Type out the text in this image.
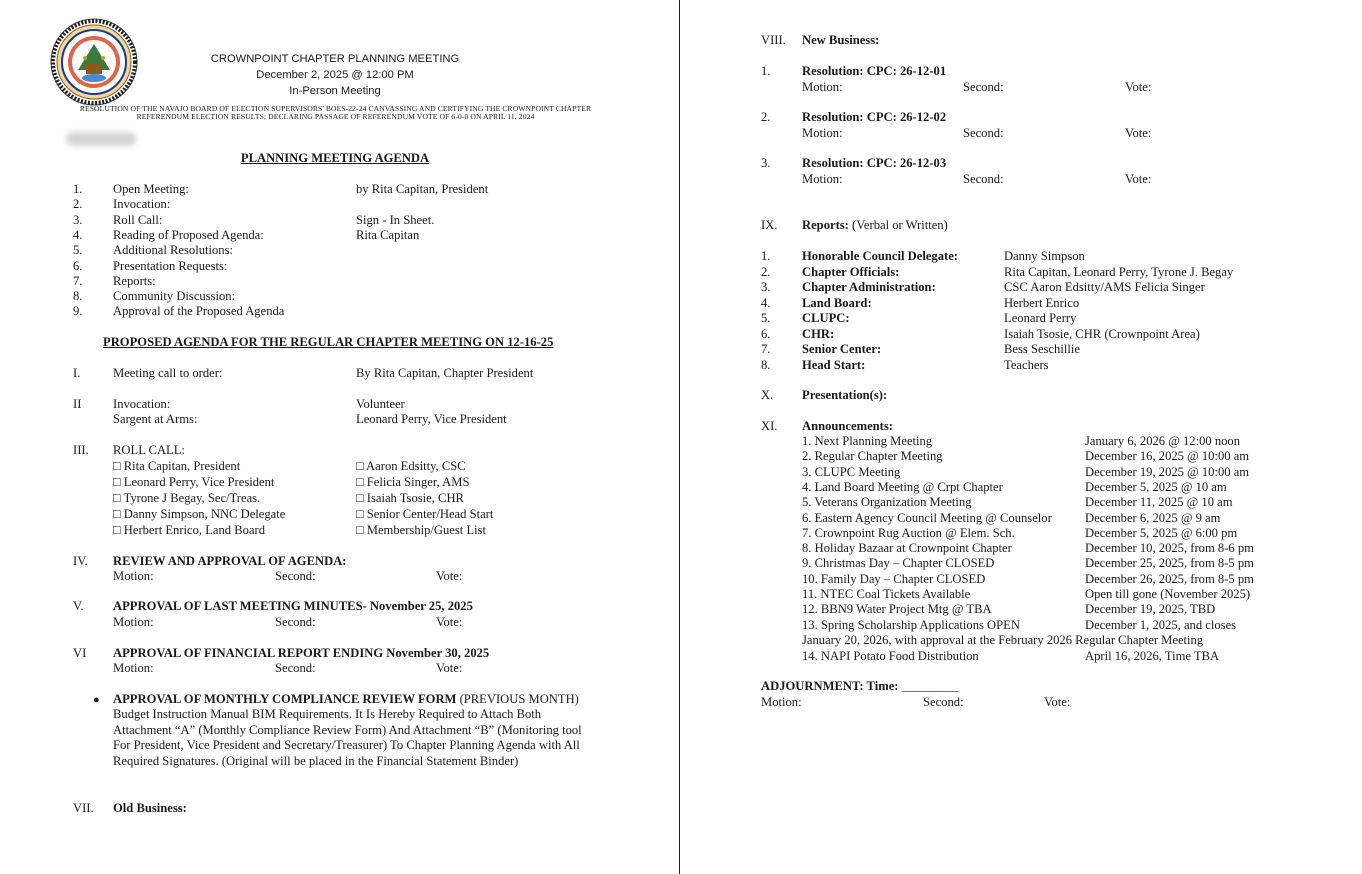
CROWNPOINT CHAPTER PLANNING MEETING
December 2, 2025 @ 12:00 PM
In-Person Meeting
RESOLUTION OF THE NAVAJO BOARD OF ELECTION SUPERVISORS' BOES-22-24 CANVASSING AND CERTIFYING THE CROWNPOINT CHAPTER REFERENDUM ELECTION RESULTS; DECLARING PASSAGE OF REFERENDUM VOTE OF 6-0-0 ON APRIL 11, 2024
PLANNING MEETING AGENDA
1. Open Meeting:	by Rita Capitan, President
2. Invocation:
3. Roll Call:	Sign - In Sheet.
4. Reading of Proposed Agenda:	Rita Capitan
5. Additional Resolutions:
6. Presentation Requests:
7. Reports:
8. Community Discussion:
9. Approval of the Proposed Agenda
PROPOSED AGENDA FOR THE REGULAR CHAPTER MEETING ON 12-16-25
I.	Meeting call to order:	By Rita Capitan, Chapter President
II	Invocation:	Volunteer
Sargent at Arms:	Leonard Perry, Vice President
III. ROLL CALL:
□ Rita Capitan, President	□ Aaron Edsitty, CSC
□ Leonard Perry, Vice President	□ Felicia Singer, AMS
□ Tyrone J Begay, Sec/Treas.	□ Isaiah Tsosie, CHR
□ Danny Simpson, NNC Delegate	□ Senior Center/Head Start
□ Herbert Enrico, Land Board	□ Membership/Guest List
IV. REVIEW AND APPROVAL OF AGENDA:
Motion:	Second:	Vote:
V. APPROVAL OF LAST MEETING MINUTES- November 25, 2025
Motion:	Second:	Vote:
VI APPROVAL OF FINANCIAL REPORT ENDING November 30, 2025
Motion:	Second:	Vote:
● APPROVAL OF MONTHLY COMPLIANCE REVIEW FORM (PREVIOUS MONTH) Budget Instruction Manual BIM Requirements. It Is Hereby Required to Attach Both Attachment “A” (Monthly Compliance Review Form) And Attachment “B” (Monitoring tool For President, Vice President and Secretary/Treasurer) To Chapter Planning Agenda with All Required Signatures. (Original will be placed in the Financial Statement Binder)
VII. Old Business:
VIII. New Business:
1.	Resolution: CPC: 26-12-01
Motion:	Second:	Vote:
2.	Resolution: CPC: 26-12-02
Motion:	Second:	Vote:
3.	Resolution: CPC: 26-12-03
Motion:	Second:	Vote:
IX. Reports: (Verbal or Written)
1.	Honorable Council Delegate:	Danny Simpson
2.	Chapter Officials:	Rita Capitan, Leonard Perry, Tyrone J. Begay
3.	Chapter Administration:	CSC Aaron Edsitty/AMS Felicia Singer
4.	Land Board:	Herbert Enrico
5.	CLUPC:	Leonard Perry
6.	CHR:	Isaiah Tsosie, CHR (Crownpoint Area)
7.	Senior Center:	Bess Seschillie
8.	Head Start:	Teachers
X. Presentation(s):
XI. Announcements:
1. Next Planning Meeting	January 6, 2026 @ 12:00 noon
2. Regular Chapter Meeting	December 16, 2025 @ 10:00 am
3. CLUPC Meeting	December 19, 2025 @ 10:00 am
4. Land Board Meeting @ Crpt Chapter	December 5, 2025 @ 10 am
5. Veterans Organization Meeting	December 11, 2025 @ 10 am
6. Eastern Agency Council Meeting @ Counselor	December 6, 2025 @ 9 am
7. Crownpoint Rug Auction @ Elem. Sch.	December 5, 2025 @ 6:00 pm
8. Holiday Bazaar at Crownpoint Chapter	December 10, 2025, from 8-6 pm
9. Christmas Day – Chapter CLOSED	December 25, 2025, from 8-5 pm
10. Family Day – Chapter CLOSED	December 26, 2025, from 8-5 pm
11. NTEC Coal Tickets Available	Open till gone (November 2025)
12. BBN9 Water Project Mtg @ TBA	December 19, 2025, TBD
13. Spring Scholarship Applications OPEN	December 1, 2025, and closes
January 20, 2026, with approval at the February 2026 Regular Chapter Meeting
14. NAPI Potato Food Distribution	April 16, 2026, Time TBA
ADJOURNMENT: Time: _________
Motion:	Second:	Vote:
